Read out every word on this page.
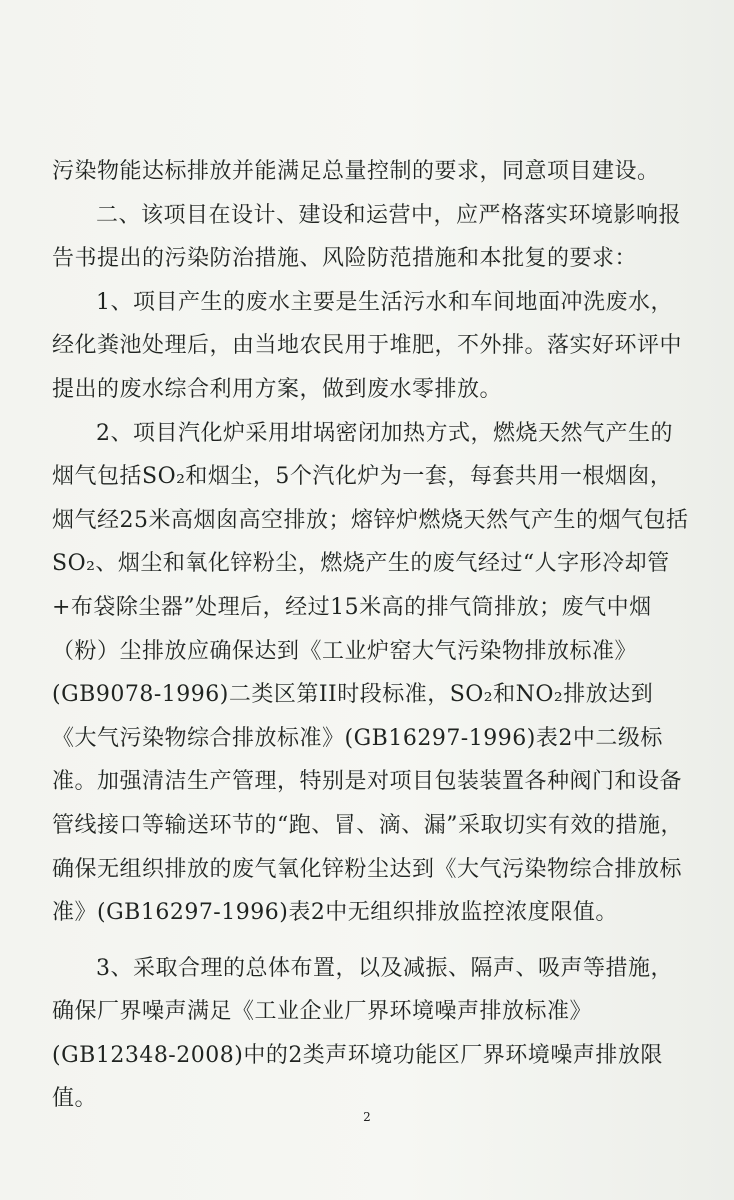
污染物能达标排放并能满足总量控制的要求，同意项目建设。

二、该项目在设计、建设和运营中，应严格落实环境影响报告书提出的污染防治措施、风险防范措施和本批复的要求：

1、项目产生的废水主要是生活污水和车间地面冲洗废水，经化粪池处理后，由当地农民用于堆肥，不外排。落实好环评中提出的废水综合利用方案，做到废水零排放。

2、项目汽化炉采用坩埚密闭加热方式，燃烧天然气产生的烟气包括SO₂和烟尘，5个汽化炉为一套，每套共用一根烟囱，烟气经25米高烟囱高空排放；熔锌炉燃烧天然气产生的烟气包括SO₂、烟尘和氧化锌粉尘，燃烧产生的废气经过“人字形冷却管+布袋除尘器”处理后，经过15米高的排气筒排放；废气中烟（粉）尘排放应确保达到《工业炉窑大气污染物排放标准》(GB9078-1996)二类区第II时段标准，SO₂和NO₂排放达到《大气污染物综合排放标准》(GB16297-1996)表2中二级标准。加强清洁生产管理，特别是对项目包装装置各种阀门和设备管线接口等输送环节的“跑、冒、滴、漏”采取切实有效的措施，确保无组织排放的废气氧化锌粉尘达到《大气污染物综合排放标准》(GB16297-1996)表2中无组织排放监控浓度限值。

3、采取合理的总体布置，以及减振、隔声、吸声等措施，确保厂界噪声满足《工业企业厂界环境噪声排放标准》(GB12348-2008)中的2类声环境功能区厂界环境噪声排放限值。

2
